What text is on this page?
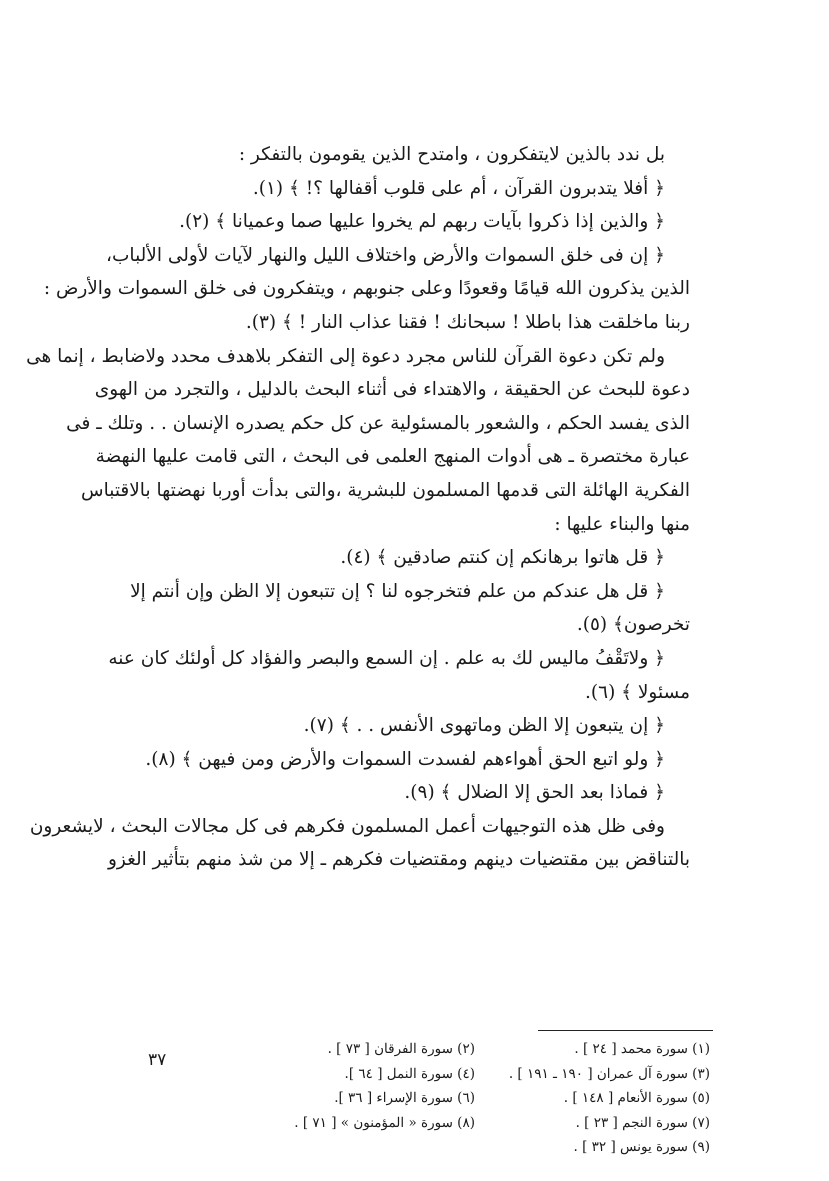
بل ندد بالذين لايتفكرون ، وامتدح الذين يقومون بالتفكر :
﴿ أفلا يتدبرون القرآن ، أم على قلوب أقفالها ؟! ﴾ (١).
﴿ والذين إذا ذكروا بآيات ربهم لم يخروا عليها صما وعميانا ﴾ (٢).
﴿ إن فى خلق السموات والأرض واختلاف الليل والنهار لآيات لأولى الألباب،
الذين يذكرون الله قيامًا وقعودًا وعلى جنوبهم ، ويتفكرون فى خلق السموات والأرض :
ربنا ماخلقت هذا باطلا ! سبحانك ! فقنا عذاب النار ! ﴾ (٣).
ولم تكن دعوة القرآن للناس مجرد دعوة إلى التفكر بلاهدف محدد ولاضابط ، إنما هى
دعوة للبحث عن الحقيقة ، والاهتداء فى أثناء البحث بالدليل ، والتجرد من الهوى
الذى يفسد الحكم ، والشعور بالمسئولية عن كل حكم يصدره الإنسان . . وتلك ـ فى
عبارة مختصرة ـ هى أدوات المنهج العلمى فى البحث ، التى قامت عليها النهضة
الفكرية الهائلة التى قدمها المسلمون للبشرية ،والتى بدأت أوربا نهضتها بالاقتباس
منها والبناء عليها :
﴿ قل هاتوا برهانكم إن كنتم صادقين ﴾ (٤).
﴿ قل هل عندكم من علم فتخرجوه لنا ؟ إن تتبعون إلا الظن وإن أنتم إلا
تخرصون﴾ (٥).
﴿ ولاتَقْفُ ماليس لك به علم . إن السمع والبصر والفؤاد كل أولئك كان عنه
مسئولا ﴾ (٦).
﴿ إن يتبعون إلا الظن وماتهوى الأنفس . . ﴾ (٧).
﴿ ولو اتبع الحق أهواءهم لفسدت السموات والأرض ومن فيهن ﴾ (٨).
﴿ فماذا بعد الحق إلا الضلال ﴾ (٩).
وفى ظل هذه التوجيهات أعمل المسلمون فكرهم فى كل مجالات البحث ، لايشعرون
بالتناقض بين مقتضيات دينهم ومقتضيات فكرهم ـ إلا من شذ منهم بتأثير الغزو
(١) سورة محمد [ ٢٤ ] .
(٣) سورة آل عمران [ ١٩٠ ـ ١٩١ ] .
(٥) سورة الأنعام [ ١٤٨ ] .
(٧) سورة النجم [ ٢٣ ] .
(٩) سورة يونس [ ٣٢ ] .
(٢) سورة الفرقان [ ٧٣ ] .
(٤) سورة النمل [ ٦٤ ].
(٦) سورة الإسراء [ ٣٦ ].
(٨) سورة « المؤمنون » [ ٧١ ] .
٣٧
